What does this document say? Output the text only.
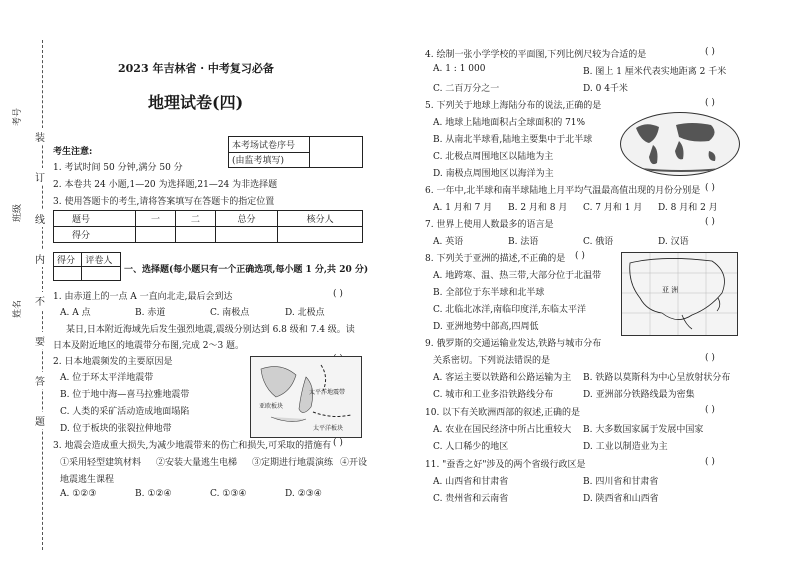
装
订
线
内
不
要
答
题
考号
班级
姓名
2023 年吉林省 · 中考复习必备
地理试卷(四)
本考场试卷序号	
(由监考填写)
考生注意:
1. 考试时间 50 分钟,满分 50 分
2. 本卷共 24 小题,1—20 为选择题,21—24 为非选择题
3. 使用答题卡的考生,请将答案填写在答题卡的指定位置
题号	一	二	总分	核分人
得分				
得分	评卷人

一、选择题(每小题只有一个正确选项,每小题 1 分,共 20 分)
1. 由赤道上的一点 A 一直向北走,最后会到达	( )
A. A 点	B. 赤道	C. 南极点	D. 北极点
某日,日本附近海域先后发生强烈地震,震级分别达到 6.8 级和 7.4 级。读
日本及附近地区的地震带分布图,完成 2～3 题。
2. 日本地震频发的主要原因是
A. 位于环太平洋地震带
B. 位于地中海—喜马拉雅地震带
C. 人类的采矿活动造成地面塌陷
D. 位于板块的张裂拉伸地带
太平洋地震带
亚欧板块
太平洋板块
3. 地震会造成重大损失,为减少地震带来的伤亡和损失,可采取的措施有 ( )
①采用轻型建筑材料 ②安装大量逃生电梯 ③定期进行地震演练 ④开设
地震逃生课程
A. ①②③	B. ①②④	C. ①③④	D. ②③④
4. 绘制一张小学学校的平面图,下列比例尺较为合适的是	( )
A. 1 : 1 000	B. 图上 1 厘米代表实地距离 2 千米
C. 二百万分之一	D. 0 4千米
5. 下列关于地球上海陆分布的说法,正确的是	( )
A. 地球上陆地面积占全球面积的 71%
B. 从南北半球看,陆地主要集中于北半球
C. 北极点周围地区以陆地为主
D. 南极点周围地区以海洋为主
6. 一年中,北半球和南半球陆地上月平均气温最高值出现的月份分别是 ( )
A. 1 月和 7 月 B. 2 月和 8 月 C. 7 月和 1 月 D. 8 月和 2 月
7. 世界上使用人数最多的语言是	( )
A. 英语	B. 法语	C. 俄语	D. 汉语
8. 下列关于亚洲的描述,不正确的是 ( )
A. 地跨寒、温、热三带,大部分位于北温带
B. 全部位于东半球和北半球
C. 北临北冰洋,南临印度洋,东临太平洋
D. 亚洲地势中部高,四周低
亚 洲
9. 俄罗斯的交通运输业发达,铁路与城市分布
关系密切。下列说法错误的是	( )
A. 客运主要以铁路和公路运输为主 B. 铁路以莫斯科为中心呈放射状分布
C. 城市和工业多沿铁路线分布	D. 亚洲部分铁路线最为密集
10. 以下有关欧洲西部的叙述,正确的是	( )
A. 农业在国民经济中所占比重较大 B. 大多数国家属于发展中国家
C. 人口稀少的地区	D. 工业以制造业为主
11. "蚕香之好"涉及的两个省级行政区是	( )
A. 山西省和甘肃省	B. 四川省和甘肃省
C. 贵州省和云南省	D. 陕西省和山西省
